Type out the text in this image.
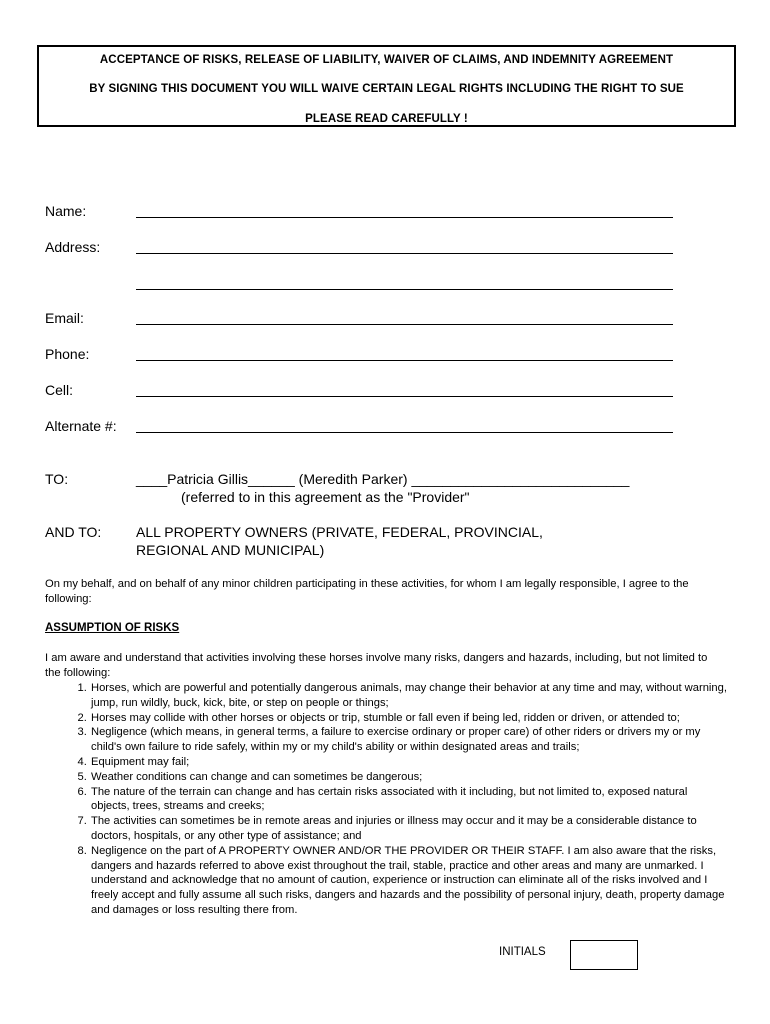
ACCEPTANCE OF RISKS, RELEASE OF LIABILITY, WAIVER OF CLAIMS, AND INDEMNITY AGREEMENT
BY SIGNING THIS DOCUMENT YOU WILL WAIVE CERTAIN LEGAL RIGHTS INCLUDING THE RIGHT TO SUE
PLEASE READ CAREFULLY !
Name:
Address:
Email:
Phone:
Cell:
Alternate #:
TO:	____Patricia Gillis______ (Meredith Parker) ____________________________
(referred to in this agreement as the "Provider"
AND TO: ALL PROPERTY OWNERS (PRIVATE, FEDERAL, PROVINCIAL,
REGIONAL AND MUNICIPAL)
On my behalf, and on behalf of any minor children participating in these activities, for whom I am legally responsible, I agree to the following:
ASSUMPTION OF RISKS
I am aware and understand that activities involving these horses involve many risks, dangers and hazards, including, but not limited to the following:
1. Horses, which are powerful and potentially dangerous animals, may change their behavior at any time and may, without warning, jump, run wildly, buck, kick, bite, or step on people or things;
2. Horses may collide with other horses or objects or trip, stumble or fall even if being led, ridden or driven, or attended to;
3. Negligence (which means, in general terms, a failure to exercise ordinary or proper care) of other riders or drivers my or my child's own failure to ride safely, within my or my child's ability or within designated areas and trails;
4. Equipment may fail;
5. Weather conditions can change and can sometimes be dangerous;
6. The nature of the terrain can change and has certain risks associated with it including, but not limited to, exposed natural objects, trees, streams and creeks;
7. The activities can sometimes be in remote areas and injuries or illness may occur and it may be a considerable distance to doctors, hospitals, or any other type of assistance; and
8. Negligence on the part of A PROPERTY OWNER AND/OR THE PROVIDER OR THEIR STAFF. I am also aware that the risks, dangers and hazards referred to above exist throughout the trail, stable, practice and other areas and many are unmarked. I understand and acknowledge that no amount of caution, experience or instruction can eliminate all of the risks involved and I freely accept and fully assume all such risks, dangers and hazards and the possibility of personal injury, death, property damage and damages or loss resulting there from.
INITIALS
